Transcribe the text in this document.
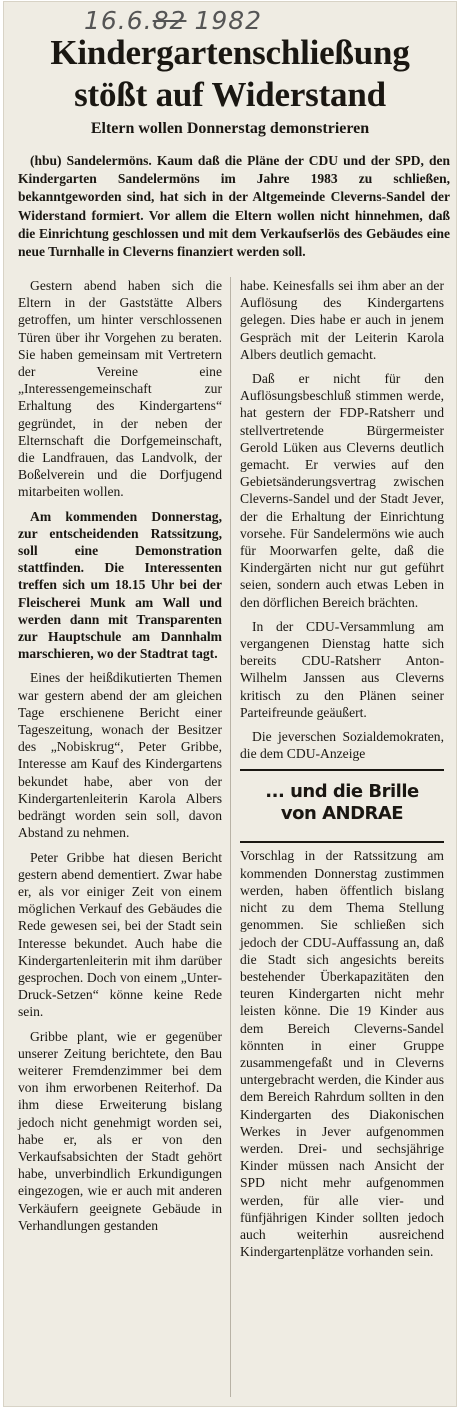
16.6.82 1982
Kindergartenschließung
stößt auf Widerstand
Eltern wollen Donnerstag demonstrieren
(hbu) Sandelermöns. Kaum daß die Pläne der CDU und der SPD, den Kindergarten Sandelermöns im Jahre 1983 zu schließen, bekanntgeworden sind, hat sich in der Altgemeinde Cleverns-Sandel der Widerstand formiert. Vor allem die Eltern wollen nicht hinnehmen, daß die Einrichtung geschlossen und mit dem Verkaufserlös des Gebäudes eine neue Turnhalle in Cleverns finanziert werden soll.

Gestern abend haben sich die Eltern in der Gaststätte Albers getroffen, um hinter verschlossenen Türen über ihr Vorgehen zu beraten. Sie haben gemeinsam mit Vertretern der Vereine eine „Interessengemeinschaft zur Erhaltung des Kindergartens“ gegründet, in der neben der Elternschaft die Dorfgemeinschaft, die Landfrauen, das Landvolk, der Boßelverein und die Dorfjugend mitarbeiten wollen.

Am kommenden Donnerstag, zur entscheidenden Ratssitzung, soll eine Demonstration stattfinden. Die Interessenten treffen sich um 18.15 Uhr bei der Fleischerei Munk am Wall und werden dann mit Transparenten zur Hauptschule am Dannhalm marschieren, wo der Stadtrat tagt.

Eines der heißdikutierten Themen war gestern abend der am gleichen Tage erschienene Bericht einer Tageszeitung, wonach der Besitzer des „Nobiskrug“, Peter Gribbe, Interesse am Kauf des Kindergartens bekundet habe, aber von der Kindergartenleiterin Karola Albers bedrängt worden sein soll, davon Abstand zu nehmen.

Peter Gribbe hat diesen Bericht gestern abend dementiert. Zwar habe er, als vor einiger Zeit von einem möglichen Verkauf des Gebäudes die Rede gewesen sei, bei der Stadt sein Interesse bekundet. Auch habe die Kindergartenleiterin mit ihm darüber gesprochen. Doch von einem „Unter-Druck-Setzen“ könne keine Rede sein.

Gribbe plant, wie er gegenüber unserer Zeitung berichtete, den Bau weiterer Fremdenzimmer bei dem von ihm erworbenen Reiterhof. Da ihm diese Erweiterung bislang jedoch nicht genehmigt worden sei, habe er, als er von den Verkaufsabsichten der Stadt gehört habe, unverbindlich Erkundigungen eingezogen, wie er auch mit anderen Verkäufern geeignete Gebäude in Verhandlungen gestanden

habe. Keinesfalls sei ihm aber an der Auflösung des Kindergartens gelegen. Dies habe er auch in jenem Gespräch mit der Leiterin Karola Albers deutlich gemacht.

Daß er nicht für den Auflösungsbeschluß stimmen werde, hat gestern der FDP-Ratsherr und stellvertretende Bürgermeister Gerold Lüken aus Cleverns deutlich gemacht. Er verwies auf den Gebietsänderungsvertrag zwischen Cleverns-Sandel und der Stadt Jever, der die Erhaltung der Einrichtung vorsehe. Für Sandelermöns wie auch für Moorwarfen gelte, daß die Kindergärten nicht nur gut geführt seien, sondern auch etwas Leben in den dörflichen Bereich brächten.

In der CDU-Versammlung am vergangenen Dienstag hatte sich bereits CDU-Ratsherr Anton-Wilhelm Janssen aus Cleverns kritisch zu den Plänen seiner Parteifreunde geäußert.

Die jeverschen Sozialdemokraten, die dem CDU-Anzeige

... und die Brille
von ANDRAE

Vorschlag in der Ratssitzung am kommenden Donnerstag zustimmen werden, haben öffentlich bislang nicht zu dem Thema Stellung genommen. Sie schließen sich jedoch der CDU-Auffassung an, daß die Stadt sich angesichts bereits bestehender Überkapazitäten den teuren Kindergarten nicht mehr leisten könne. Die 19 Kinder aus dem Bereich Cleverns-Sandel könnten in einer Gruppe zusammengefaßt und in Cleverns untergebracht werden, die Kinder aus dem Bereich Rahrdum sollten in den Kindergarten des Diakonischen Werkes in Jever aufgenommen werden. Drei- und sechsjährige Kinder müssen nach Ansicht der SPD nicht mehr aufgenommen werden, für alle vier- und fünfjährigen Kinder sollten jedoch auch weiterhin ausreichend Kindergartenplätze vorhanden sein.
